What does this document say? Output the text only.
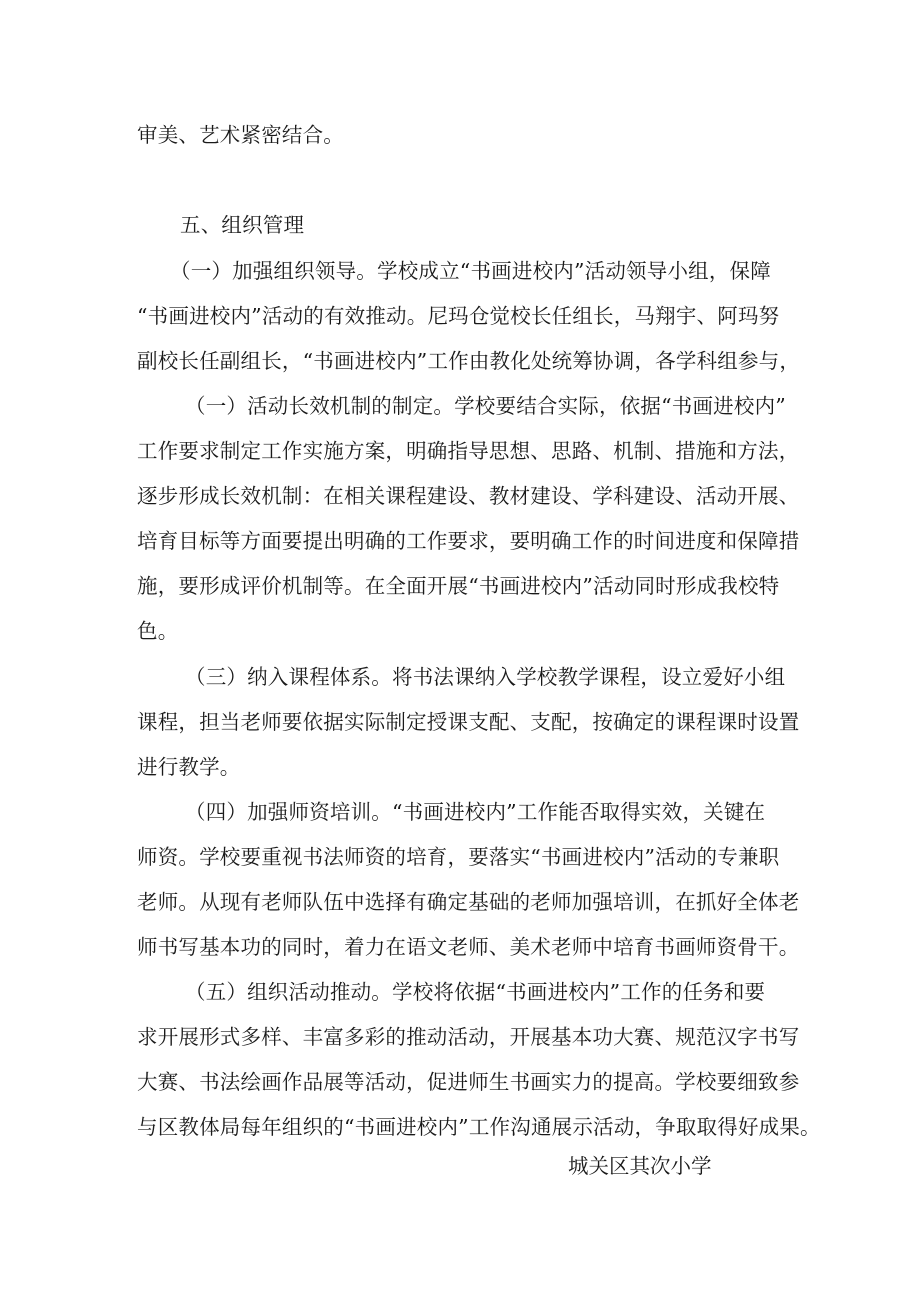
审美、艺术紧密结合。
五、组织管理
（一）加强组织领导。学校成立“书画进校内”活动领导小组，保障
“书画进校内”活动的有效推动。尼玛仓觉校长任组长，马翔宇、阿玛努
副校长任副组长，“书画进校内”工作由教化处统筹协调，各学科组参与，
（一）活动长效机制的制定。学校要结合实际，依据“书画进校内”
工作要求制定工作实施方案，明确指导思想、思路、机制、措施和方法，
逐步形成长效机制：在相关课程建设、教材建设、学科建设、活动开展、
培育目标等方面要提出明确的工作要求，要明确工作的时间进度和保障措
施，要形成评价机制等。在全面开展“书画进校内”活动同时形成我校特
色。
（三）纳入课程体系。将书法课纳入学校教学课程，设立爱好小组
课程，担当老师要依据实际制定授课支配、支配，按确定的课程课时设置
进行教学。
（四）加强师资培训。“书画进校内”工作能否取得实效，关键在
师资。学校要重视书法师资的培育，要落实“书画进校内”活动的专兼职
老师。从现有老师队伍中选择有确定基础的老师加强培训，在抓好全体老
师书写基本功的同时，着力在语文老师、美术老师中培育书画师资骨干。
（五）组织活动推动。学校将依据“书画进校内”工作的任务和要
求开展形式多样、丰富多彩的推动活动，开展基本功大赛、规范汉字书写
大赛、书法绘画作品展等活动，促进师生书画实力的提高。学校要细致参
与区教体局每年组织的“书画进校内”工作沟通展示活动，争取取得好成果。
城关区其次小学
